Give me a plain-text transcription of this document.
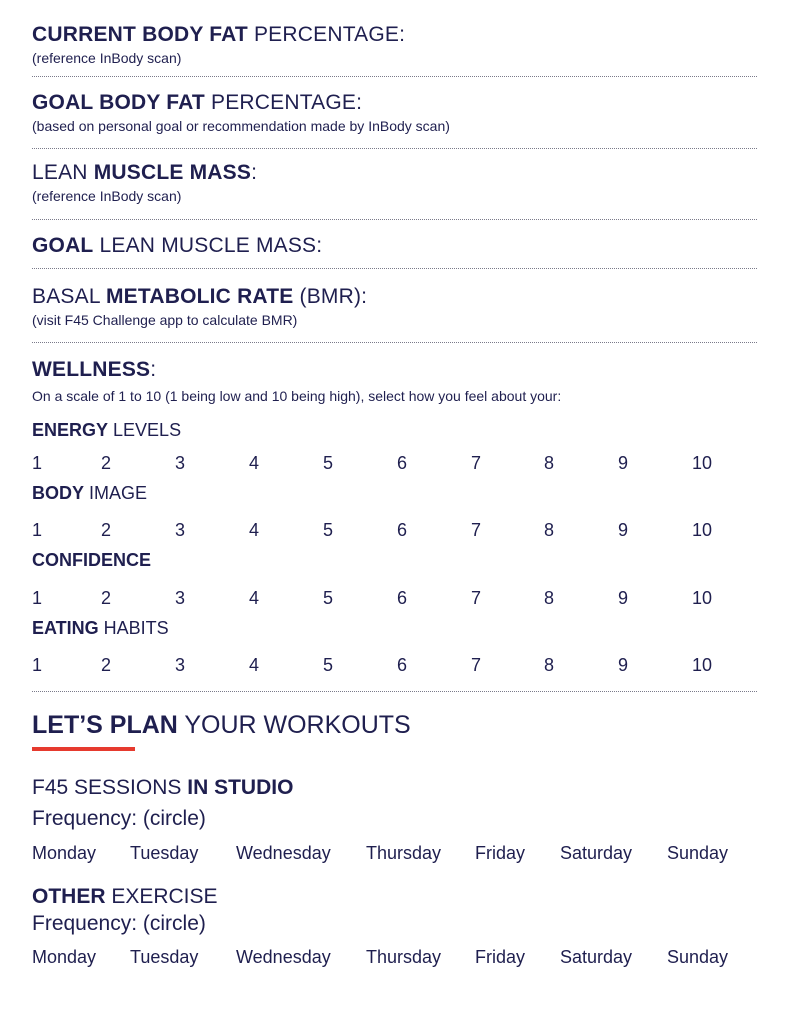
CURRENT BODY FAT PERCENTAGE:
(reference InBody scan)
GOAL BODY FAT PERCENTAGE:
(based on personal goal or recommendation made by InBody scan)
LEAN MUSCLE MASS:
(reference InBody scan)
GOAL LEAN MUSCLE MASS:
BASAL METABOLIC RATE (BMR):
(visit F45 Challenge app to calculate BMR)
WELLNESS:
On a scale of 1 to 10 (1 being low and 10 being high), select how you feel about your:
ENERGY LEVELS
1	2	3	4	5	6	7	8	9	10
BODY IMAGE
1	2	3	4	5	6	7	8	9	10
CONFIDENCE
1	2	3	4	5	6	7	8	9	10
EATING HABITS
1	2	3	4	5	6	7	8	9	10
LET’S PLAN YOUR WORKOUTS
F45 SESSIONS IN STUDIO
Frequency: (circle)
Monday Tuesday Wednesday Thursday Friday Saturday Sunday
OTHER EXERCISE
Frequency: (circle)
Monday Tuesday Wednesday Thursday Friday Saturday Sunday
